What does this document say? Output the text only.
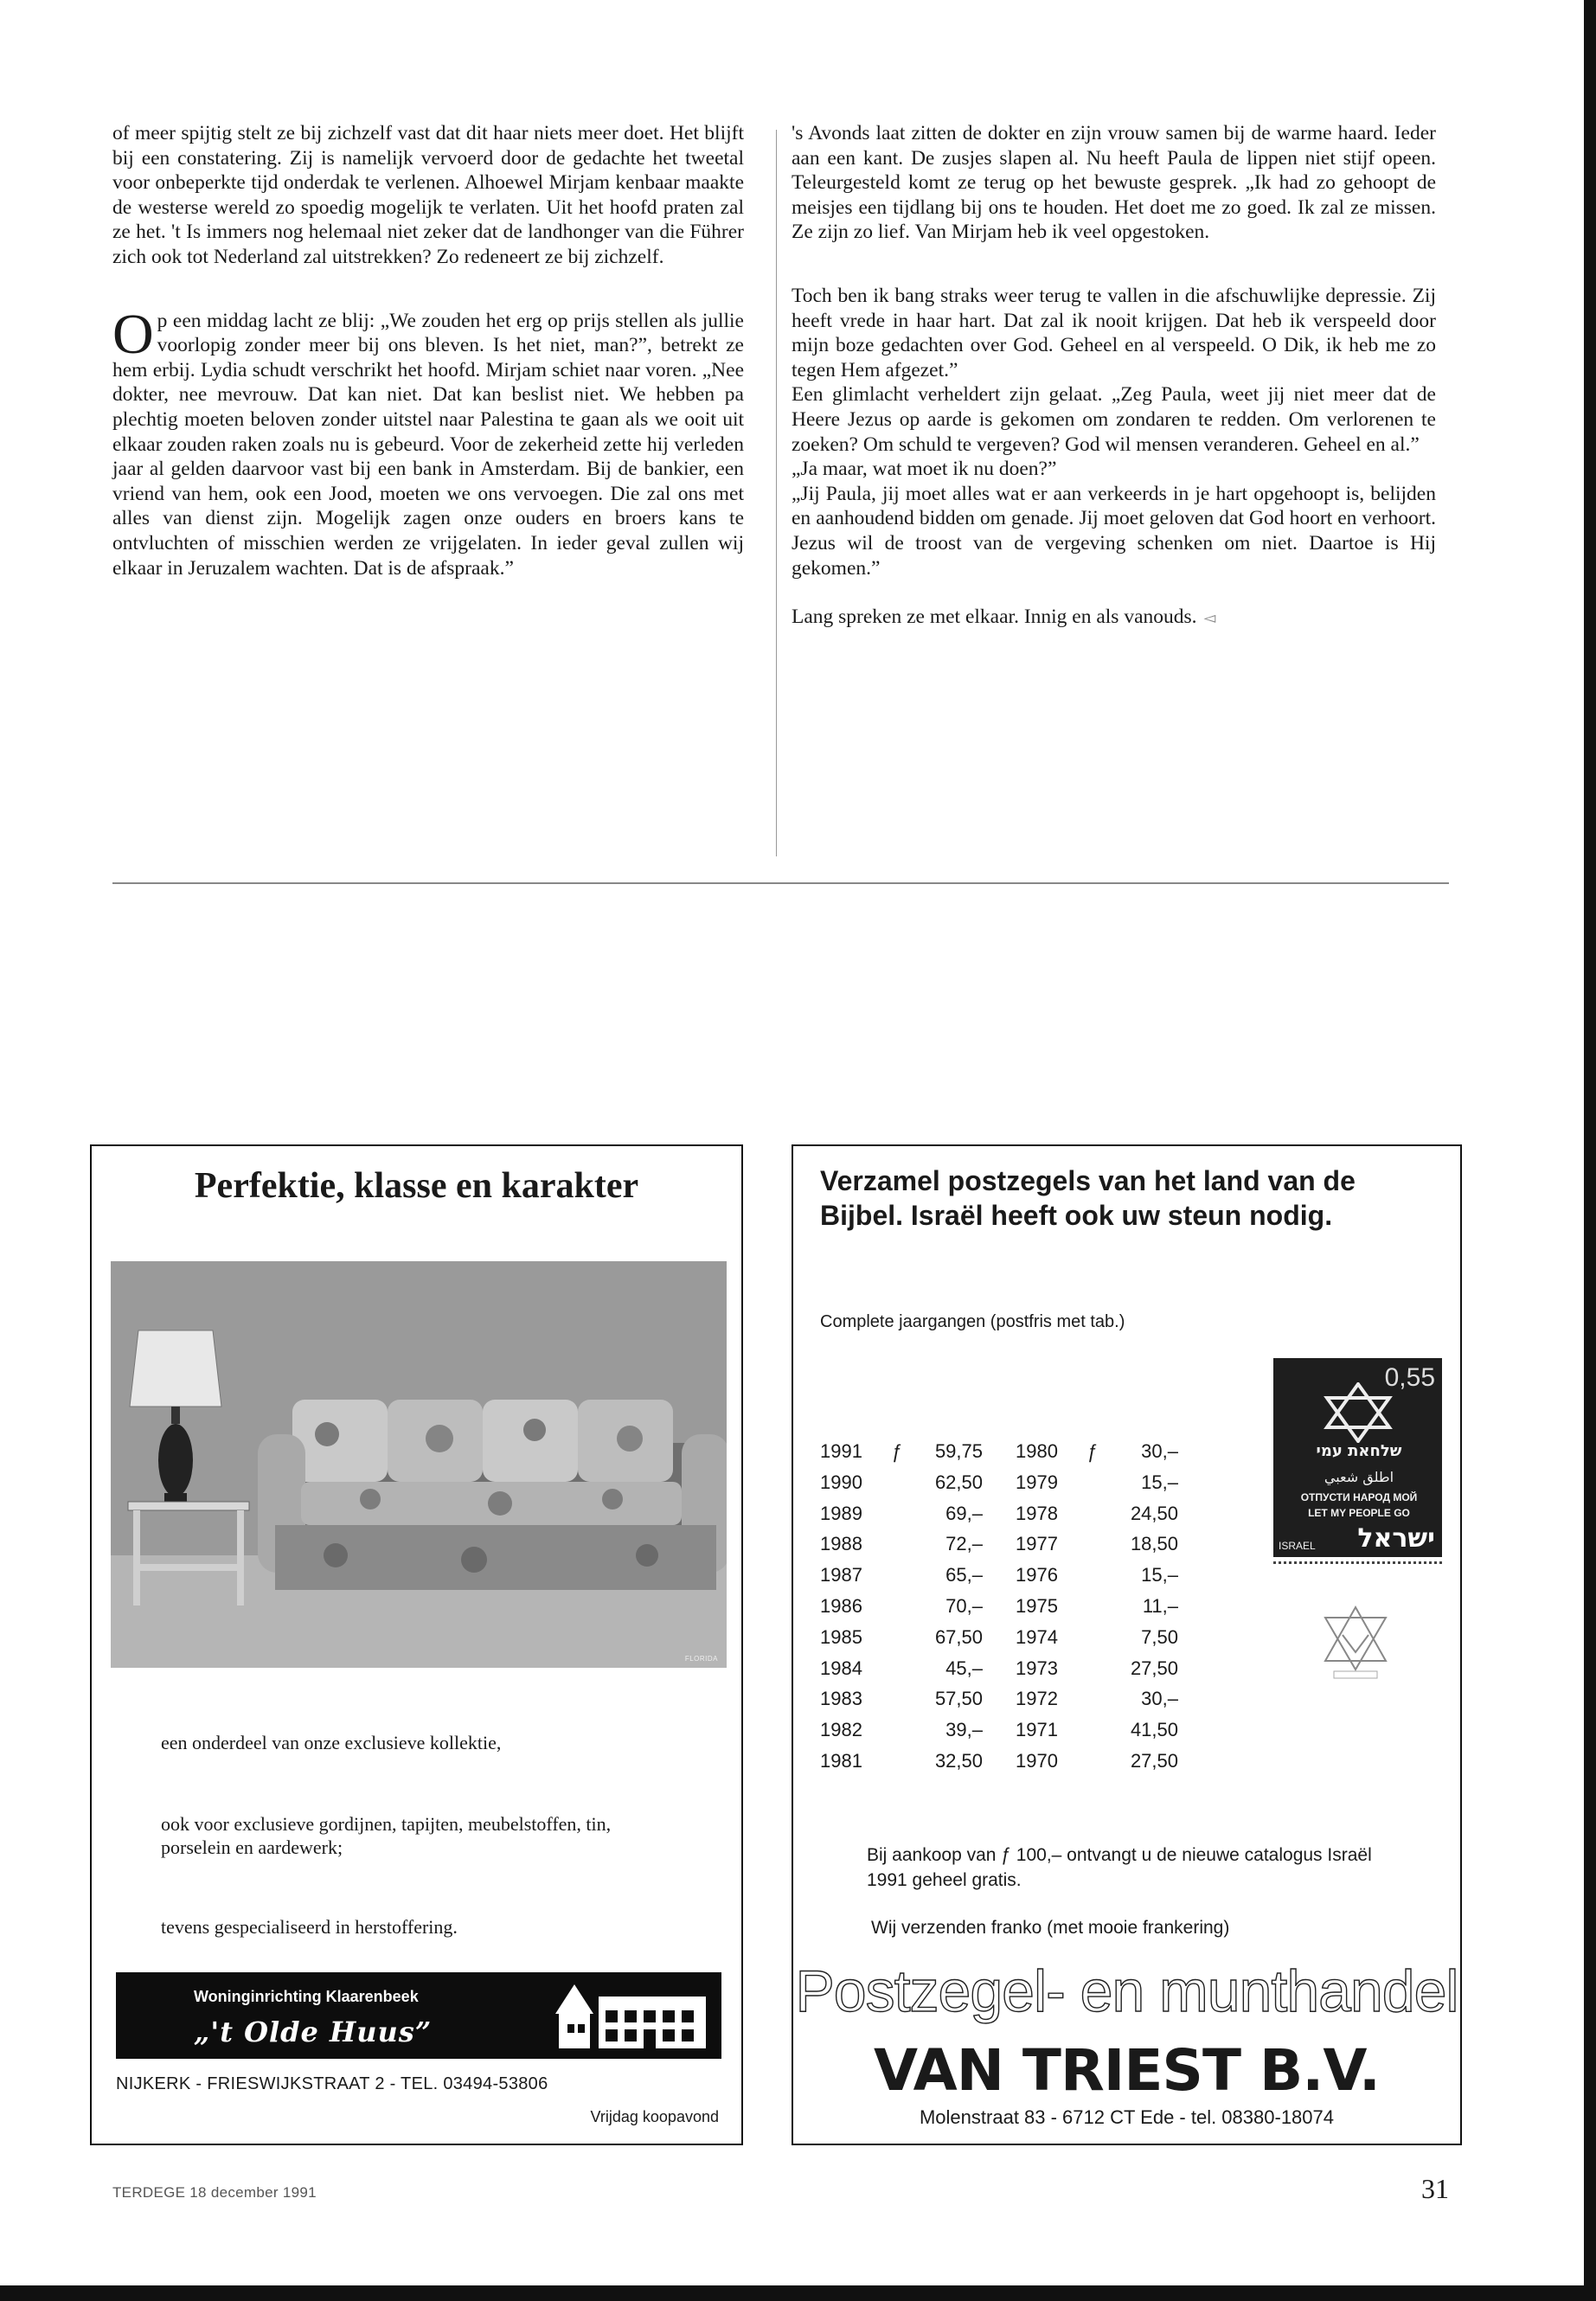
of meer spijtig stelt ze bij zichzelf vast dat dit haar niets meer doet. Het blijft bij een constatering. Zij is namelijk vervoerd door de gedachte het tweetal voor onbeperkte tijd onderdak te verlenen. Alhoewel Mirjam kenbaar maakte de westerse wereld zo spoedig mogelijk te verlaten. Uit het hoofd praten zal ze het. 't Is immers nog helemaal niet zeker dat de landhonger van die Führer zich ook tot Nederland zal uitstrekken? Zo redeneert ze bij zichzelf.

Op een middag lacht ze blij: „We zouden het erg op prijs stellen als jullie voorlopig zonder meer bij ons bleven. Is het niet, man?”, betrekt ze hem erbij. Lydia schudt verschrikt het hoofd. Mirjam schiet naar voren. „Nee dokter, nee mevrouw. Dat kan niet. Dat kan beslist niet. We hebben pa plechtig moeten beloven zonder uitstel naar Palestina te gaan als we ooit uit elkaar zouden raken zoals nu is gebeurd. Voor de zekerheid zette hij verleden jaar al gelden daarvoor vast bij een bank in Amsterdam. Bij de bankier, een vriend van hem, ook een Jood, moeten we ons vervoegen. Die zal ons met alles van dienst zijn. Mogelijk zagen onze ouders en broers kans te ontvluchten of misschien werden ze vrijgelaten. In ieder geval zullen wij elkaar in Jeruzalem wachten. Dat is de afspraak.”

's Avonds laat zitten de dokter en zijn vrouw samen bij de warme haard. Ieder aan een kant. De zusjes slapen al. Nu heeft Paula de lippen niet stijf opeen. Teleurgesteld komt ze terug op het bewuste gesprek. „Ik had zo gehoopt de meisjes een tijdlang bij ons te houden. Het doet me zo goed. Ik zal ze missen. Ze zijn zo lief. Van Mirjam heb ik veel opgestoken.

Toch ben ik bang straks weer terug te vallen in die afschuwlijke depressie. Zij heeft vrede in haar hart. Dat zal ik nooit krijgen. Dat heb ik verspeeld door mijn boze gedachten over God. Geheel en al verspeeld. O Dik, ik heb me zo tegen Hem afgezet.”

Een glimlacht verheldert zijn gelaat. „Zeg Paula, weet jij niet meer dat de Heere Jezus op aarde is gekomen om zondaren te redden. Om verlorenen te zoeken? Om schuld te vergeven? God wil mensen veranderen. Geheel en al.”

„Ja maar, wat moet ik nu doen?”

„Jij Paula, jij moet alles wat er aan verkeerds in je hart opgehoopt is, belijden en aanhoudend bidden om genade. Jij moet geloven dat God hoort en verhoort. Jezus wil de troost van de vergeving schenken om niet. Daartoe is Hij gekomen.”

Lang spreken ze met elkaar. Innig en als vanouds. ◅

Perfektie, klasse en karakter
FLORIDA
een onderdeel van onze exclusieve kollektie,
ook voor exclusieve gordijnen, tapijten, meubelstoffen, tin, porselein en aardewerk;
tevens gespecialiseerd in herstoffering.
Woninginrichting Klaarenbeek
„'t Olde Huus”
NIJKERK - FRIESWIJKSTRAAT 2 - TEL. 03494-53806
Vrijdag koopavond
Verzamel postzegels van het land van de Bijbel. Israël heeft ook uw steun nodig.
Complete jaargangen (postfris met tab.)
1991	ƒ	59,75	1980	ƒ	30,–
1990		62,50	1979		15,–
1989		69,–	1978		24,50
1988		72,–	1977		18,50
1987		65,–	1976		15,–
1986		70,–	1975		11,–
1985		67,50	1974		7,50
1984		45,–	1973		27,50
1983		57,50	1972		30,–
1982		39,–	1971		41,50
1981		32,50	1970		27,50
0,55
שלחאת עמי
اطلق شعبي
ОТПУСТИ НАРОД МОЙ
LET MY PEOPLE GO
ISRAEL	ישראל
Bij aankoop van ƒ 100,– ontvangt u de nieuwe catalogus Israël 1991 geheel gratis.
Wij verzenden franko (met mooie frankering)
Postzegel- en munthandel
VAN TRIEST B.V.
Molenstraat 83 - 6712 CT Ede - tel. 08380-18074
TERDEGE 18 december 1991	31
